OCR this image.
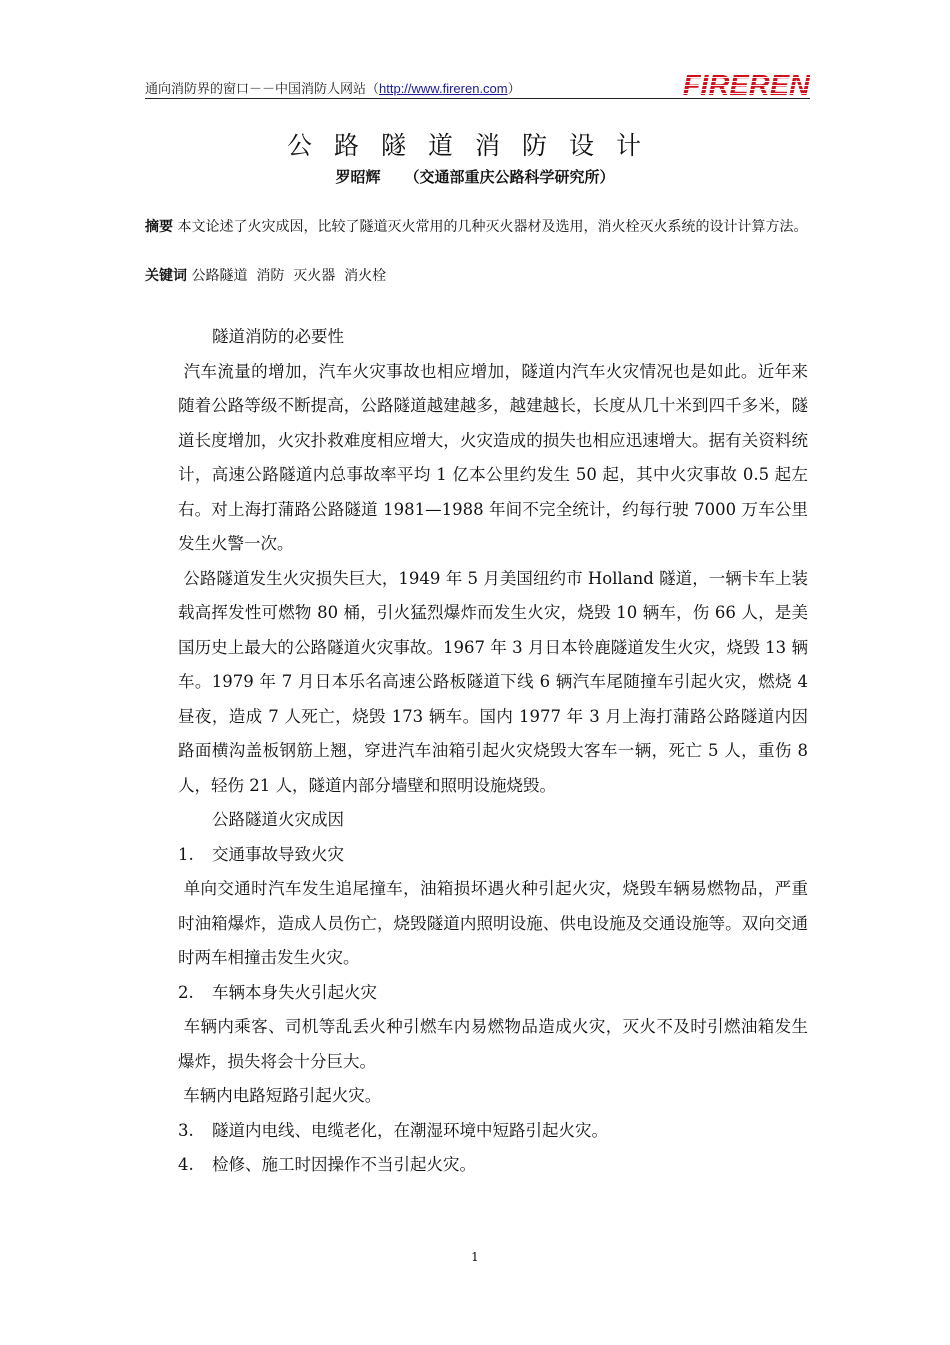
通向消防界的窗口－－中国消防人网站（http://www.fireren.com）	FIREREN
公路隧道消防设计
罗昭辉 （交通部重庆公路科学研究所）
摘要 本文论述了火灾成因，比较了隧道灭火常用的几种灭火器材及选用，消火栓灭火系统的设计计算方法。
关键词 公路隧道  消防  灭火器  消火栓

隧道消防的必要性

汽车流量的增加，汽车火灾事故也相应增加，隧道内汽车火灾情况也是如此。近年来随着公路等级不断提高，公路隧道越建越多，越建越长，长度从几十米到四千多米，隧道长度增加，火灾扑救难度相应增大，火灾造成的损失也相应迅速增大。据有关资料统计，高速公路隧道内总事故率平均 1 亿本公里约发生 50 起，其中火灾事故 0.5 起左右。对上海打蒲路公路隧道 1981—1988 年间不完全统计，约每行驶 7000 万车公里发生火警一次。

公路隧道发生火灾损失巨大，1949 年 5 月美国纽约市 Holland 隧道，一辆卡车上装载高挥发性可燃物 80 桶，引火猛烈爆炸而发生火灾，烧毁 10 辆车，伤 66 人，是美国历史上最大的公路隧道火灾事故。1967 年 3 月日本铃鹿隧道发生火灾，烧毁 13 辆车。1979 年 7 月日本乐名高速公路板隧道下线 6 辆汽车尾随撞车引起火灾，燃烧 4 昼夜，造成 7 人死亡，烧毁 173 辆车。国内 1977 年 3 月上海打蒲路公路隧道内因路面横沟盖板钢筋上翘，穿进汽车油箱引起火灾烧毁大客车一辆，死亡 5 人，重伤 8 人，轻伤 21 人，隧道内部分墙壁和照明设施烧毁。

公路隧道火灾成因

1. 交通事故导致火灾

单向交通时汽车发生追尾撞车，油箱损坏遇火种引起火灾，烧毁车辆易燃物品，严重时油箱爆炸，造成人员伤亡，烧毁隧道内照明设施、供电设施及交通设施等。双向交通时两车相撞击发生火灾。

2. 车辆本身失火引起火灾

车辆内乘客、司机等乱丢火种引燃车内易燃物品造成火灾，灭火不及时引燃油箱发生爆炸，损失将会十分巨大。

车辆内电路短路引起火灾。

3. 隧道内电线、电缆老化，在潮湿环境中短路引起火灾。

4. 检修、施工时因操作不当引起火灾。

1
